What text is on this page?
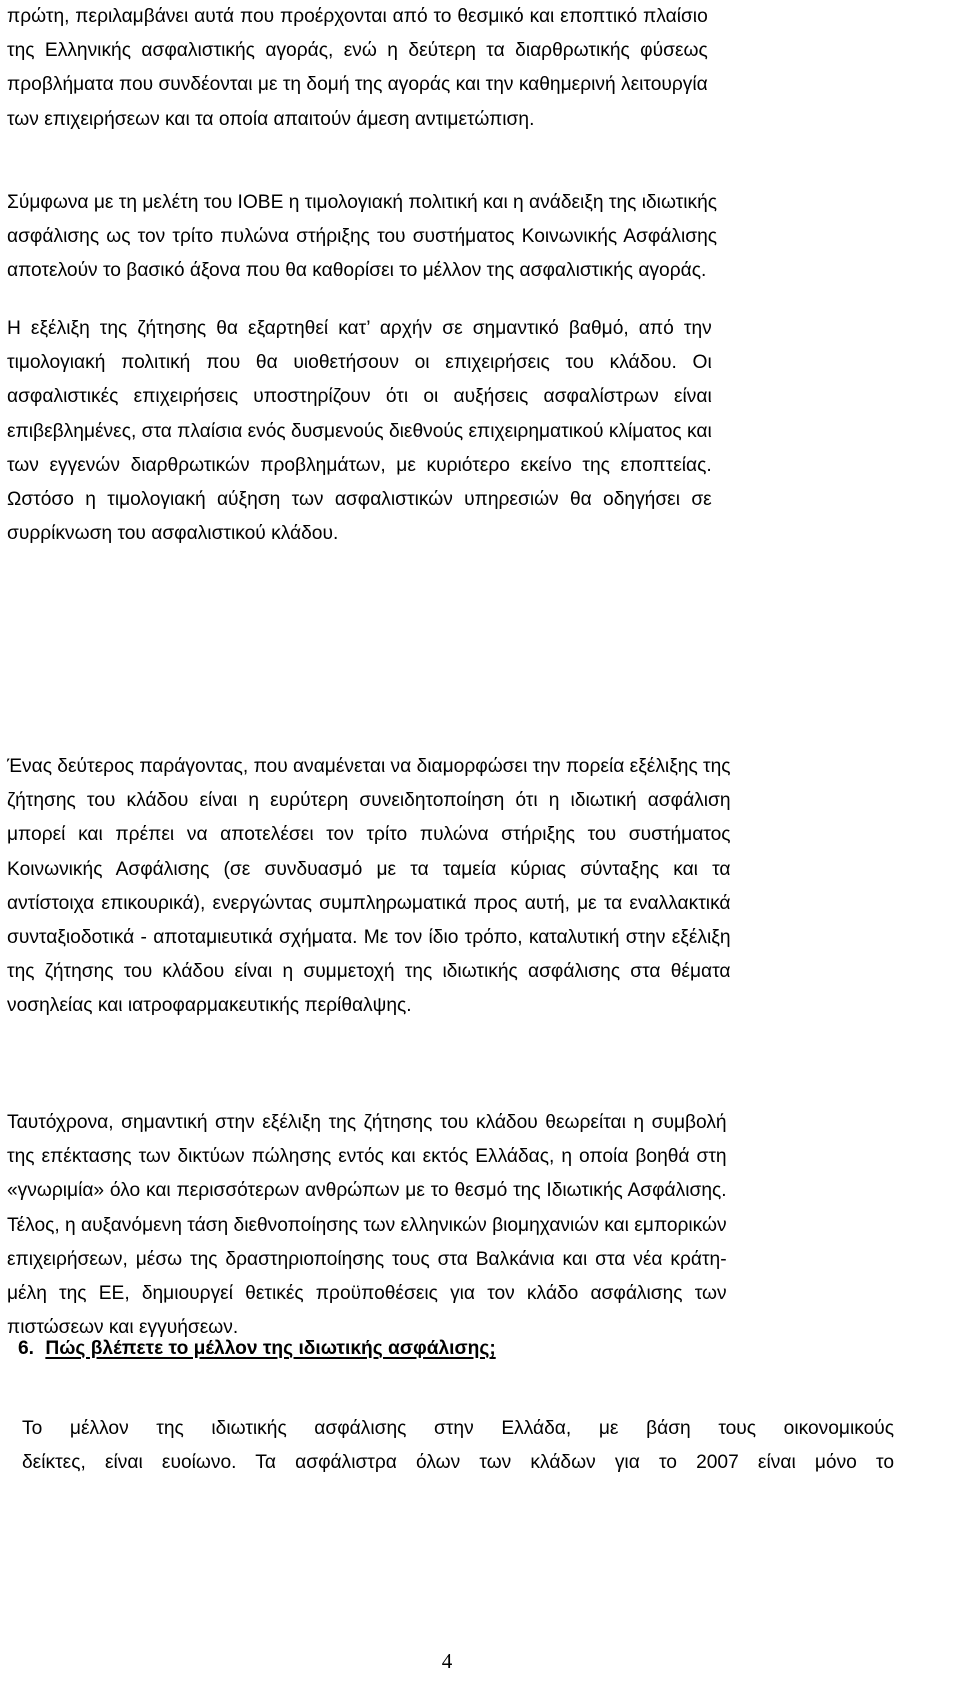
πρώτη, περιλαμβάνει αυτά που προέρχονται από το θεσμικό και εποπτικό πλαίσιο
της Ελληνικής ασφαλιστικής αγοράς, ενώ η δεύτερη τα διαρθρωτικής φύσεως
προβλήματα που συνδέονται με τη δομή της αγοράς και την καθημερινή λειτουργία
των επιχειρήσεων και τα οποία απαιτούν άμεση αντιμετώπιση.

Σύμφωνα με τη μελέτη του ΙΟΒΕ η τιμολογιακή πολιτική και η ανάδειξη της ιδιωτικής
ασφάλισης ως τον τρίτο πυλώνα στήριξης του συστήματος Κοινωνικής Ασφάλισης
αποτελούν το βασικό άξονα που θα καθορίσει το μέλλον της ασφαλιστικής αγοράς.

Η εξέλιξη της ζήτησης θα εξαρτηθεί κατ’ αρχήν σε σημαντικό βαθμό, από την
τιμολογιακή πολιτική που θα υιοθετήσουν οι επιχειρήσεις του κλάδου. Οι
ασφαλιστικές επιχειρήσεις υποστηρίζουν ότι οι αυξήσεις ασφαλίστρων είναι
επιβεβλημένες, στα πλαίσια ενός δυσμενούς διεθνούς επιχειρηματικού κλίματος και
των εγγενών διαρθρωτικών προβλημάτων, με κυριότερο εκείνο της εποπτείας.
Ωστόσο η τιμολογιακή αύξηση των ασφαλιστικών υπηρεσιών θα οδηγήσει σε
συρρίκνωση του ασφαλιστικού κλάδου.

Ένας δεύτερος παράγοντας, που αναμένεται να διαμορφώσει την πορεία εξέλιξης της
ζήτησης του κλάδου είναι η ευρύτερη συνειδητοποίηση ότι η ιδιωτική ασφάλιση
μπορεί και πρέπει να αποτελέσει τον τρίτο πυλώνα στήριξης του συστήματος
Κοινωνικής Ασφάλισης (σε συνδυασμό με τα ταμεία κύριας σύνταξης και τα
αντίστοιχα επικουρικά), ενεργώντας συμπληρωματικά προς αυτή, με τα εναλλακτικά
συνταξιοδοτικά - αποταμιευτικά σχήματα. Με τον ίδιο τρόπο, καταλυτική στην εξέλιξη
της ζήτησης του κλάδου είναι η συμμετοχή της ιδιωτικής ασφάλισης στα θέματα
νοσηλείας και ιατροφαρμακευτικής περίθαλψης.

Ταυτόχρονα, σημαντική στην εξέλιξη της ζήτησης του κλάδου θεωρείται η συμβολή
της επέκτασης των δικτύων πώλησης εντός και εκτός Ελλάδας, η οποία βοηθά στη
«γνωριμία» όλο και περισσότερων ανθρώπων με το θεσμό της Ιδιωτικής Ασφάλισης.
Τέλος, η αυξανόμενη τάση διεθνοποίησης των ελληνικών βιομηχανιών και εμπορικών
επιχειρήσεων, μέσω της δραστηριοποίησης τους στα Βαλκάνια και στα νέα κράτη-
μέλη της ΕΕ, δημιουργεί θετικές προϋποθέσεις για τον κλάδο ασφάλισης των
πιστώσεων και εγγυήσεων.

6. Πώς βλέπετε το μέλλον της ιδιωτικής ασφάλισης;

Το μέλλον της ιδιωτικής ασφάλισης στην Ελλάδα, με βάση τους οικονομικούς
δείκτες, είναι ευοίωνο. Τα ασφάλιστρα όλων των κλάδων για το 2007 είναι μόνο το

4
